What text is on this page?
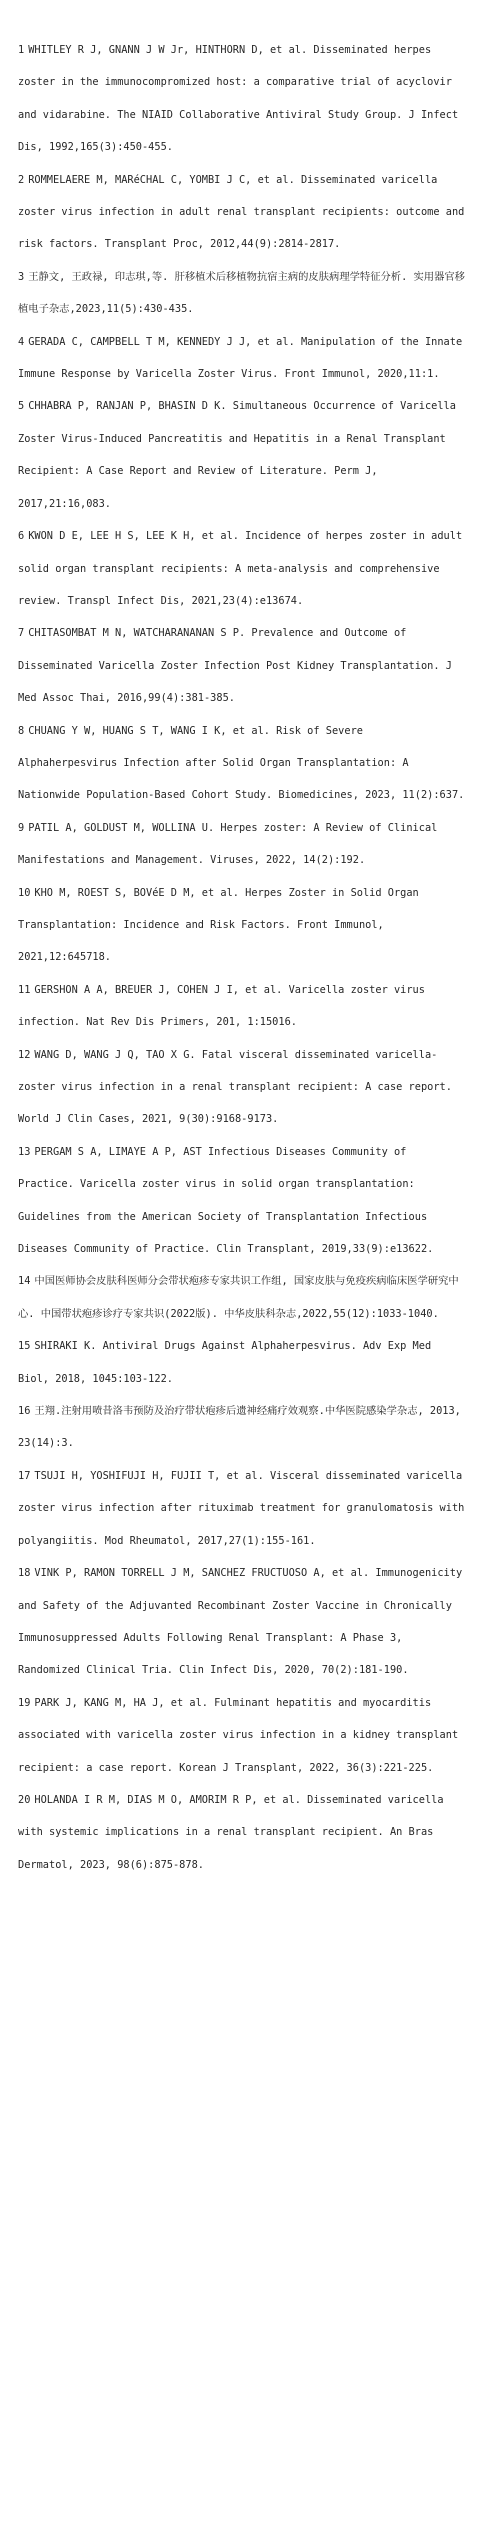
1 WHITLEY R J, GNANN J W Jr, HINTHORN D, et al. Disseminated herpes zoster in the immunocompromized host: a comparative trial of acyclovir and vidarabine. The NIAID Collaborative Antiviral Study Group. J Infect Dis, 1992,165(3):450-455.

2 ROMMELAERE M, MARéCHAL C, YOMBI J C, et al. Disseminated varicella zoster virus infection in adult renal transplant recipients: outcome and risk factors. Transplant Proc, 2012,44(9):2814-2817.

3 王静文, 王政禄, 印志琪,等. 肝移植术后移植物抗宿主病的皮肤病理学特征分析. 实用器官移植电子杂志,2023,11(5):430-435.

4 GERADA C, CAMPBELL T M, KENNEDY J J, et al. Manipulation of the Innate Immune Response by Varicella Zoster Virus. Front Immunol, 2020,11:1.

5 CHHABRA P, RANJAN P, BHASIN D K. Simultaneous Occurrence of Varicella Zoster Virus-Induced Pancreatitis and Hepatitis in a Renal Transplant Recipient: A Case Report and Review of Literature. Perm J, 2017,21:16,083.

6 KWON D E, LEE H S, LEE K H, et al. Incidence of herpes zoster in adult solid organ transplant recipients: A meta-analysis and comprehensive review. Transpl Infect Dis, 2021,23(4):e13674.

7 CHITASOMBAT M N, WATCHARANANAN S P. Prevalence and Outcome of Disseminated Varicella Zoster Infection Post Kidney Transplantation. J Med Assoc Thai, 2016,99(4):381-385.

8 CHUANG Y W, HUANG S T, WANG I K, et al. Risk of Severe Alphaherpesvirus Infection after Solid Organ Transplantation: A Nationwide Population-Based Cohort Study. Biomedicines, 2023, 11(2):637.

9 PATIL A, GOLDUST M, WOLLINA U. Herpes zoster: A Review of Clinical Manifestations and Management. Viruses, 2022, 14(2):192.

10 KHO M, ROEST S, BOVéE D M, et al. Herpes Zoster in Solid Organ Transplantation: Incidence and Risk Factors. Front Immunol, 2021,12:645718.

11 GERSHON A A, BREUER J, COHEN J I, et al. Varicella zoster virus infection. Nat Rev Dis Primers, 201, 1:15016.

12 WANG D, WANG J Q, TAO X G. Fatal visceral disseminated varicella-zoster virus infection in a renal transplant recipient: A case report. World J Clin Cases, 2021, 9(30):9168-9173.

13 PERGAM S A, LIMAYE A P, AST Infectious Diseases Community of Practice. Varicella zoster virus in solid organ transplantation: Guidelines from the American Society of Transplantation Infectious Diseases Community of Practice. Clin Transplant, 2019,33(9):e13622.

14 中国医师协会皮肤科医师分会带状疱疹专家共识工作组, 国家皮肤与免疫疾病临床医学研究中心. 中国带状疱疹诊疗专家共识(2022版). 中华皮肤科杂志,2022,55(12):1033-1040.

15 SHIRAKI K. Antiviral Drugs Against Alphaherpesvirus. Adv Exp Med Biol, 2018, 1045:103-122.

16 王翔.注射用喷昔洛韦预防及治疗带状疱疹后遗神经痛疗效观察.中华医院感染学杂志, 2013, 23(14):3.

17 TSUJI H, YOSHIFUJI H, FUJII T, et al. Visceral disseminated varicella zoster virus infection after rituximab treatment for granulomatosis with polyangiitis. Mod Rheumatol, 2017,27(1):155-161.

18 VINK P, RAMON TORRELL J M, SANCHEZ FRUCTUOSO A, et al. Immunogenicity and Safety of the Adjuvanted Recombinant Zoster Vaccine in Chronically Immunosuppressed Adults Following Renal Transplant: A Phase 3, Randomized Clinical Tria. Clin Infect Dis, 2020, 70(2):181-190.

19 PARK J, KANG M, HA J, et al. Fulminant hepatitis and myocarditis associated with varicella zoster virus infection in a kidney transplant recipient: a case report. Korean J Transplant, 2022, 36(3):221-225.

20 HOLANDA I R M, DIAS M O, AMORIM R P, et al. Disseminated varicella with systemic implications in a renal transplant recipient. An Bras Dermatol, 2023, 98(6):875-878.
